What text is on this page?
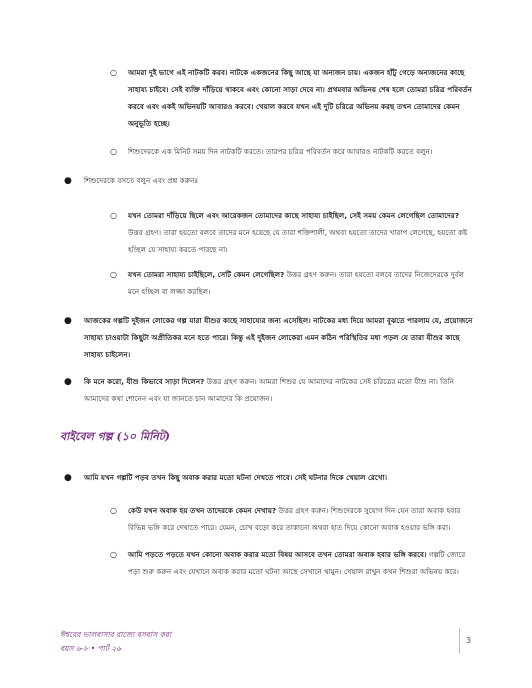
○ আমরা দুই ভাগে এই নাটকটি করব। নাটকে একজনের কিছু আছে যা অন্যজন চায়। একজন হাঁটু গেড়ে অন্যজনের কাছে সাহায্য চাইবে। সেই ব্যক্তি দাঁড়িয়ে থাকবে এবং কোনো সাড়া দেবে না। প্রথমবার অভিনয় শেষ হলে তোমরা চরিত্র পরিবর্তন করবে এবং একই অভিনয়টি আবারও করবে। খেয়াল করবে যখন এই দুটি চরিত্রে অভিনয় করছ তখন তোমাদের কেমন অনুভূতি হচ্ছে।
○ শিশুদেরকে এক মিনিট সময় দিন নাটকটি করতে। তারপর চরিত্র পরিবর্তন করে আবারও নাটকটি করতে বলুন।
● শিশুদেরকে বসতে বলুন এবং প্রশ্ন করুনঃ
○ যখন তোমরা দাঁড়িয়ে ছিলে এবং আরেকজন তোমাদের কাছে সাহায্য চাইছিল, সেই সময় কেমন লেগেছিল তোমাদের? উত্তর গ্রহণ। তারা হয়তো বলবে তাদের মনে হয়েছে যে তারা শক্তিশালী, অথবা হয়তো তাদের খারাপ লেগেছে, হয়তো কষ্ট হচ্ছিল যে সাহায্য করতে পারছে না।
○ যখন তোমরা সাহায্য চাইছিলে, সেটি কেমন লেগেছিল? উত্তর গ্রহণ করুন। তারা হয়তো বলবে তাদের নিজেদেরকে দুর্বল মনে হচ্ছিল বা লজ্জা করছিল।
● আজকের গল্পটি দুইজন লোকের গল্প যারা যীশুর কাছে সাহায্যের জন্য এসেছিল। নাটকের মধ্য দিয়ে আমরা বুঝতে পারলাম যে, প্রয়োজনে সাহায্য চাওয়াটা কিছুটা অপ্রীতিকর মনে হতে পারে। কিন্তু এই দুইজন লোকেরা এমন কঠিন পরিস্থিতির মধ্য পড়ল যে তারা যীশুর কাছে সাহায্য চাইলেন।
● কি মনে করো, যীশু কিভাবে সাড়া দিলেন? উত্তর গ্রহণ করুন। আমরা শিশুর যে আমাদের নাটকের সেই চরিত্রের মতো যীশু না। তিনি আমাদের কথা শোনেন এবং যা জানতে চান আমাদের কি প্রয়োজন।
বাইবেল গল্প (১০ মিনিট)
● আমি যখন গল্পটি পড়ব তখন কিছু অবাক করার মতো ঘটনা দেখতে পাবে। সেই ঘটনার দিকে খেয়াল রেখো।
○ কেউ যখন অবাক হয় তখন তাদেরকে কেমন দেখায়? উত্তর গ্রহণ করুন। শিশুদেরকে সুযোগ দিন যেন তারা অবাক হবার বিভিন্ন ভঙ্গি করে দেখাতে পারে। যেমন, চোখ বড়ো করে তাকানো অথবা হাত দিয়ে কোনো অবাক হওয়ার ভঙ্গি করা।
○ আমি পড়তে পড়তে যখন কোনো অবাক করার মতো বিষয় আসবে তখন তোমরা অবাক হবার ভঙ্গি করবে। গল্পটি জোরে পড়া শুরু করুন এবং যেখানে অবাক করার মতো ঘটনা আছে সেখানে থামুন। খেয়াল রাখুন কখন শিশুরা অভিনয় করে।
ঈশ্বরের ভালবাসার রাজ্যে বসবাস করা
বয়স ৬-৮ • পার্ট ২৬
3
